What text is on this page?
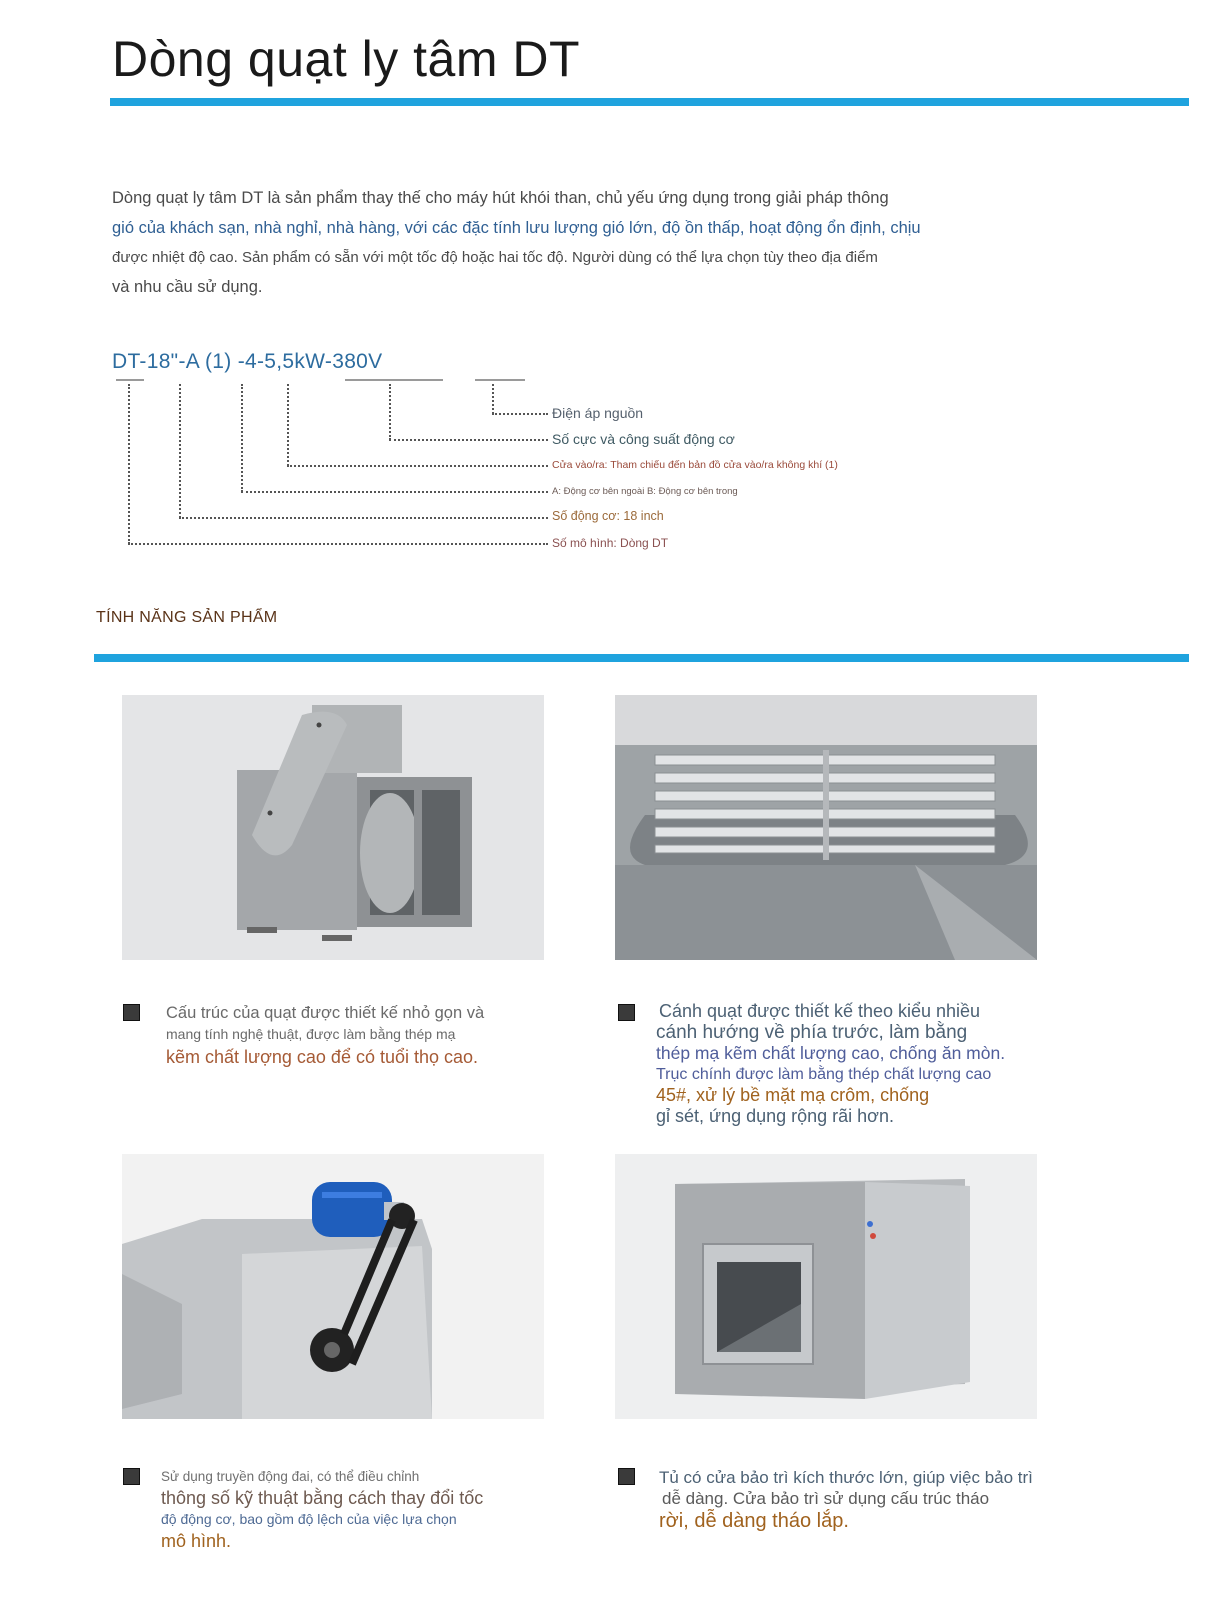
Dòng quạt ly tâm DT
Dòng quạt ly tâm DT là sản phẩm thay thế cho máy hút khói than, chủ yếu ứng dụng trong giải pháp thông
gió của khách sạn, nhà nghỉ, nhà hàng, với các đặc tính lưu lượng gió lớn, độ ồn thấp, hoạt động ổn định, chịu
được nhiệt độ cao. Sản phẩm có sẵn với một tốc độ hoặc hai tốc độ. Người dùng có thể lựa chọn tùy theo địa điểm
và nhu cầu sử dụng.
DT-18"-A (1) -4-5,5kW-380V
Điện áp nguồn
Số cực và công suất động cơ
Cửa vào/ra: Tham chiếu đến bản đồ cửa vào/ra không khí (1)
A: Động cơ bên ngoài B: Động cơ bên trong
Số động cơ: 18 inch
Số mô hình: Dòng DT
TÍNH NĂNG SẢN PHẨM
Cấu trúc của quạt được thiết kế nhỏ gọn và
mang tính nghệ thuật, được làm bằng thép mạ
kẽm chất lượng cao để có tuổi thọ cao.
Cánh quạt được thiết kế theo kiểu nhiều
cánh hướng về phía trước, làm bằng
thép mạ kẽm chất lượng cao, chống ăn mòn.
Trục chính được làm bằng thép chất lượng cao
45#, xử lý bề mặt mạ crôm, chống
gỉ sét, ứng dụng rộng rãi hơn.
Sử dụng truyền động đai, có thể điều chỉnh
thông số kỹ thuật bằng cách thay đổi tốc
độ động cơ, bao gồm độ lệch của việc lựa chọn
mô hình.
Tủ có cửa bảo trì kích thước lớn, giúp việc bảo trì
dễ dàng. Cửa bảo trì sử dụng cấu trúc tháo
rời, dễ dàng tháo lắp.
